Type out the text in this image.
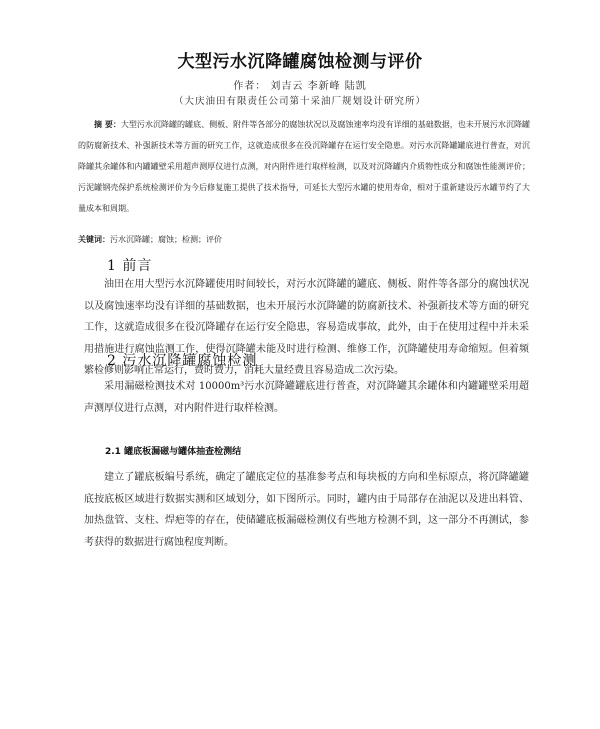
大型污水沉降罐腐蚀检测与评价
作者： 刘吉云 李新峰 陆凯
（大庆油田有限责任公司第十采油厂规划设计研究所）
摘 要：大型污水沉降罐的罐底、侧板、附件等各部分的腐蚀状况以及腐蚀速率均没有详细的基础数据，也未开展污水沉降罐的防腐新技术、补强新技术等方面的研究工作，这就造成很多在役沉降罐存在运行安全隐患。对污水沉降罐罐底进行普查，对沉降罐其余罐体和内罐罐壁采用超声测厚仪进行点测，对内附件进行取样检测，以及对沉降罐内介质物性成分和腐蚀性能测评价；污泥罐钢壳保护系统检测评价为今后修复施工提供了技术指导，可延长大型污水罐的使用寿命，相对于重新建设污水罐节约了大量成本和周期。
关键词：污水沉降罐；腐蚀；检测；评价
1 前言
油田在用大型污水沉降罐使用时间较长，对污水沉降罐的罐底、侧板、附件等各部分的腐蚀状况以及腐蚀速率均没有详细的基础数据，也未开展污水沉降罐的防腐新技术、补强新技术等方面的研究工作，这就造成很多在役沉降罐存在运行安全隐患，容易造成事故，此外，由于在使用过程中并未采用措施进行腐蚀监测工作，使得沉降罐未能及时进行检测、维修工作，沉降罐使用寿命缩短。但着频繁检修则影响正常运行，费时费力，消耗大量经费且容易造成二次污染。
2 污水沉降罐腐蚀检测
采用漏磁检测技术对 10000m³污水沉降罐罐底进行普查，对沉降罐其余罐体和内罐罐壁采用超声测厚仪进行点测，对内附件进行取样检测。
2.1 罐底板漏磁与罐体抽查检测结
建立了罐底板编号系统，确定了罐底定位的基准参考点和每块板的方向和坐标原点，将沉降罐罐底按底板区域进行数据实测和区域划分，如下图所示。同时，罐内由于局部存在油泥以及进出料管、加热盘管、支柱、焊疤等的存在，使储罐底板漏磁检测仪有些地方检测不到，这一部分不再测试，参考获得的数据进行腐蚀程度判断。
